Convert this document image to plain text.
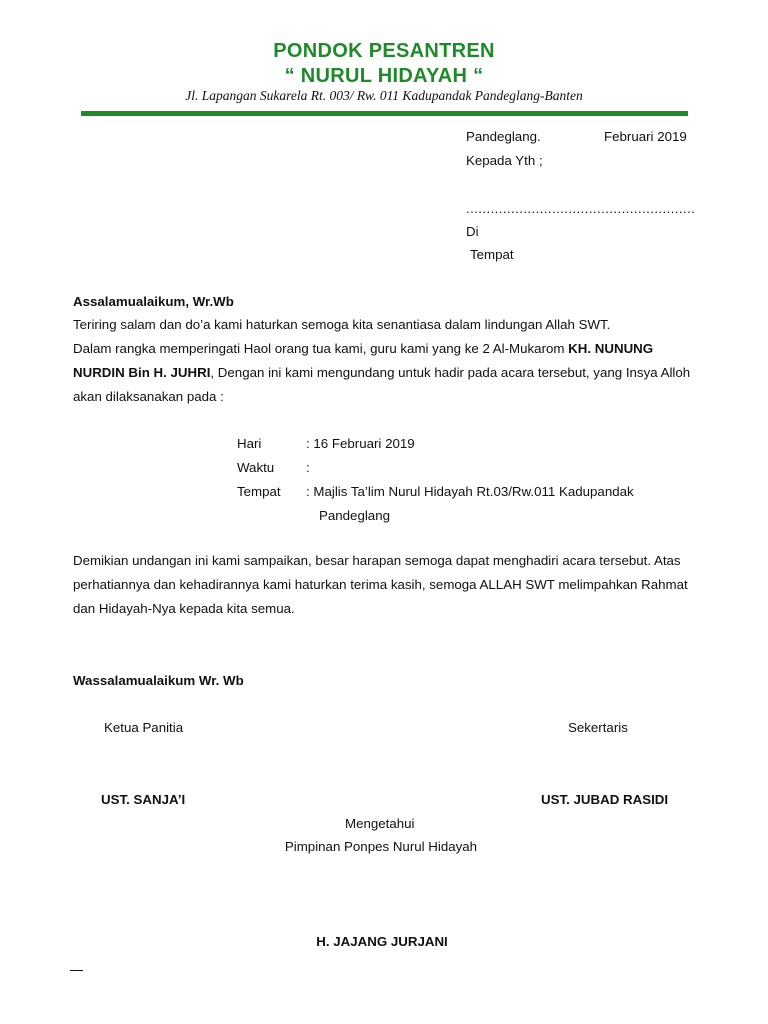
PONDOK PESANTREN
“ NURUL HIDAYAH “
Jl. Lapangan Sukarela Rt. 003/ Rw. 011 Kadupandak Pandeglang-Banten
Pandeglang.	Februari 2019
Kepada Yth ;
........................................................
Di
Tempat
Assalamualaikum, Wr.Wb
Teriring salam dan do’a kami haturkan semoga kita senantiasa dalam lindungan Allah SWT.
Dalam rangka memperingati Haol orang tua kami, guru kami yang ke 2 Al-Mukarom KH. NUNUNG NURDIN Bin H. JUHRI, Dengan ini kami mengundang untuk hadir pada acara tersebut, yang Insya Alloh akan dilaksanakan pada :
Hari	: 16 Februari 2019
Waktu :
Tempat : Majlis Ta’lim Nurul Hidayah Rt.03/Rw.011 Kadupandak
Pandeglang
Demikian undangan ini kami sampaikan, besar harapan semoga dapat menghadiri acara tersebut. Atas perhatiannya dan kehadirannya kami haturkan terima kasih, semoga ALLAH SWT melimpahkan Rahmat dan Hidayah-Nya kepada kita semua.
Wassalamualaikum Wr. Wb
Ketua Panitia	Sekertaris
UST. SANJA’I	UST. JUBAD RASIDI
Mengetahui
Pimpinan Ponpes Nurul Hidayah
H. JAJANG JURJANI
